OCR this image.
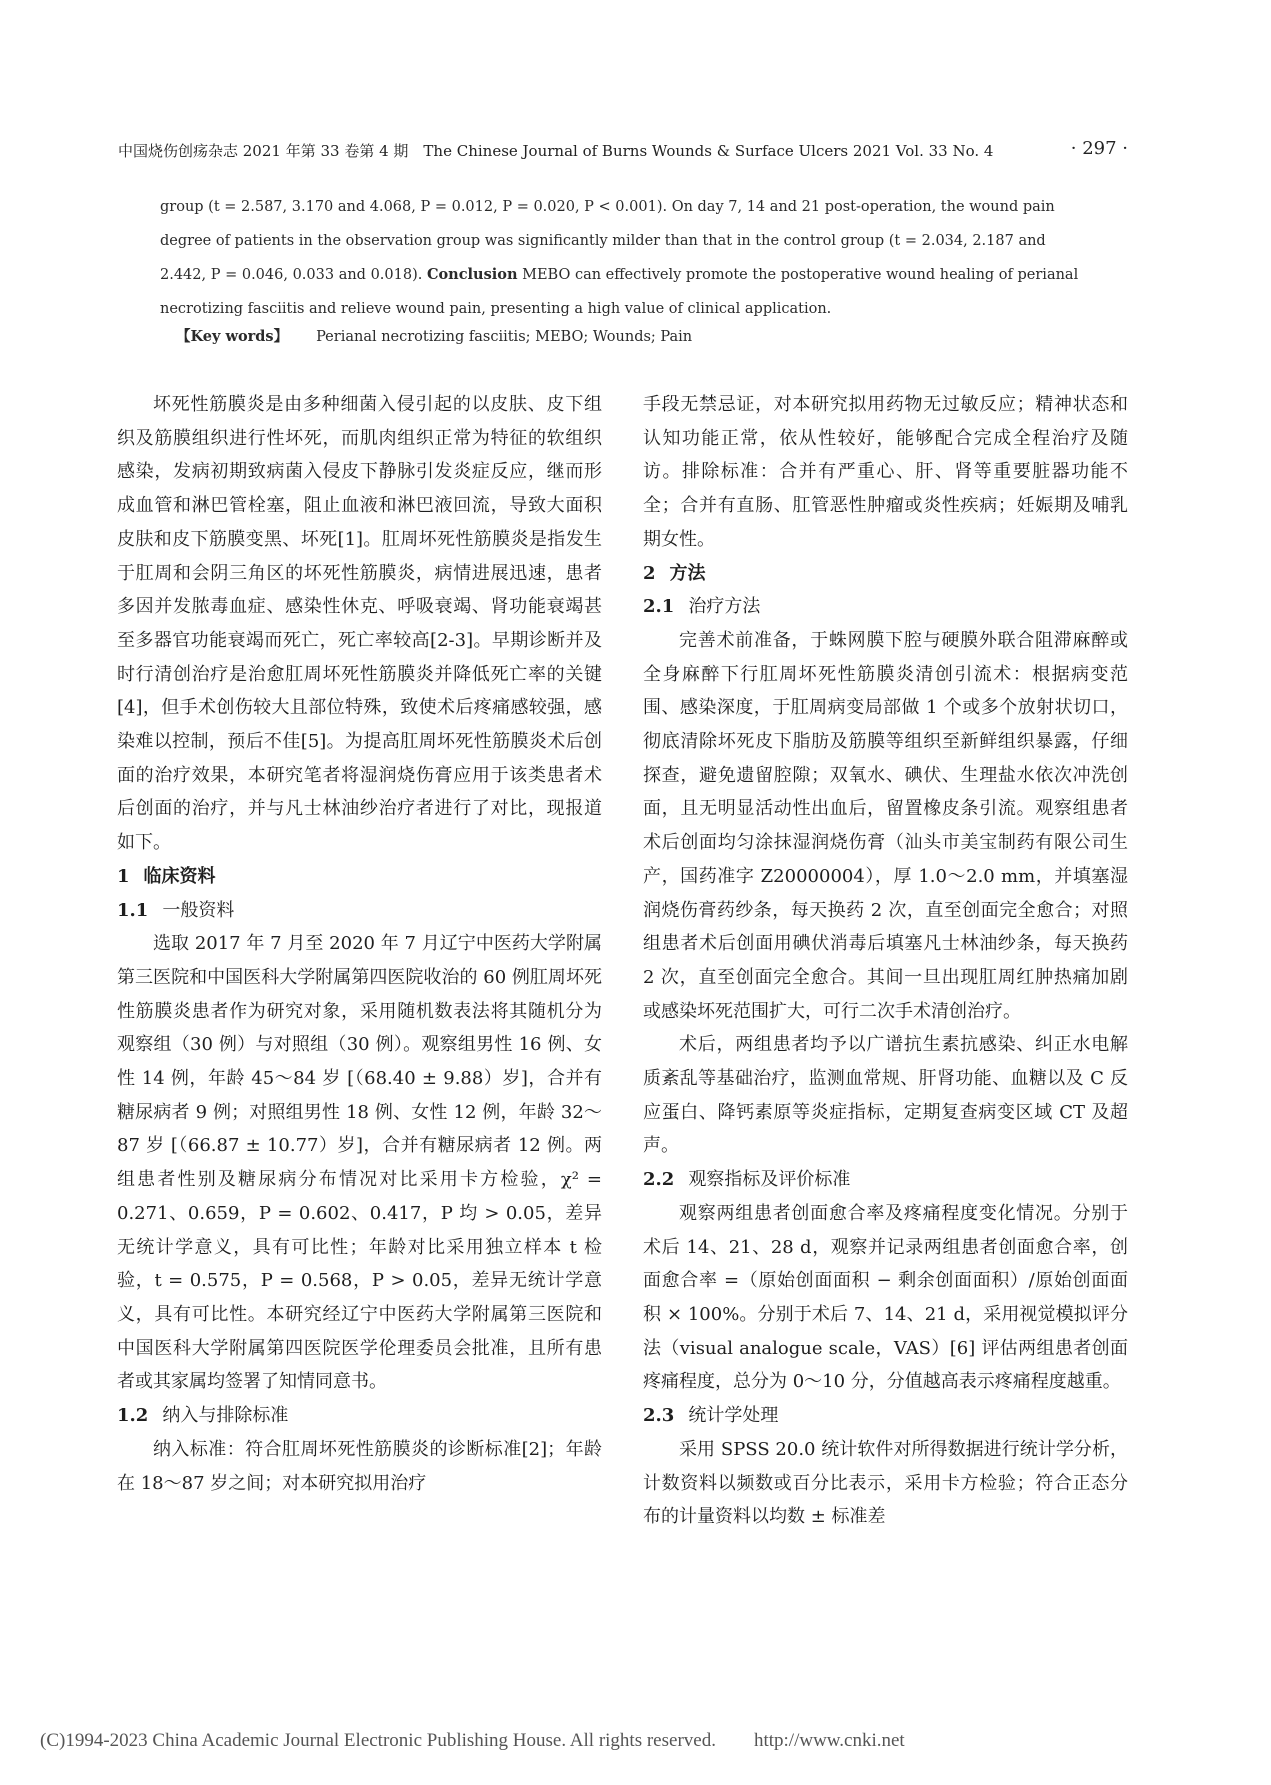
中国烧伤创疡杂志 2021 年第 33 卷第 4 期　The Chinese Journal of Burns Wounds & Surface Ulcers 2021 Vol. 33 No. 4	· 297 ·
group (t = 2.587, 3.170 and 4.068, P = 0.012, P = 0.020, P < 0.001). On day 7, 14 and 21 post-operation, the wound pain degree of patients in the observation group was significantly milder than that in the control group (t = 2.034, 2.187 and 2.442, P = 0.046, 0.033 and 0.018). Conclusion MEBO can effectively promote the postoperative wound healing of perianal necrotizing fasciitis and relieve wound pain, presenting a high value of clinical application.
【Key words】 Perianal necrotizing fasciitis; MEBO; Wounds; Pain

坏死性筋膜炎是由多种细菌入侵引起的以皮肤、皮下组织及筋膜组织进行性坏死，而肌肉组织正常为特征的软组织感染，发病初期致病菌入侵皮下静脉引发炎症反应，继而形成血管和淋巴管栓塞，阻止血液和淋巴液回流，导致大面积皮肤和皮下筋膜变黑、坏死[1]。肛周坏死性筋膜炎是指发生于肛周和会阴三角区的坏死性筋膜炎，病情进展迅速，患者多因并发脓毒血症、感染性休克、呼吸衰竭、肾功能衰竭甚至多器官功能衰竭而死亡，死亡率较高[2-3]。早期诊断并及时行清创治疗是治愈肛周坏死性筋膜炎并降低死亡率的关键[4]，但手术创伤较大且部位特殊，致使术后疼痛感较强，感染难以控制，预后不佳[5]。为提高肛周坏死性筋膜炎术后创面的治疗效果，本研究笔者将湿润烧伤膏应用于该类患者术后创面的治疗，并与凡士林油纱治疗者进行了对比，现报道如下。

1 临床资料
1.1 一般资料

选取 2017 年 7 月至 2020 年 7 月辽宁中医药大学附属第三医院和中国医科大学附属第四医院收治的 60 例肛周坏死性筋膜炎患者作为研究对象，采用随机数表法将其随机分为观察组（30 例）与对照组（30 例）。观察组男性 16 例、女性 14 例，年龄 45～84 岁 [（68.40 ± 9.88）岁]，合并有糖尿病者 9 例；对照组男性 18 例、女性 12 例，年龄 32～87 岁 [（66.87 ± 10.77）岁]，合并有糖尿病者 12 例。两组患者性别及糖尿病分布情况对比采用卡方检验，χ² = 0.271、0.659，P = 0.602、0.417，P 均 > 0.05，差异无统计学意义，具有可比性；年龄对比采用独立样本 t 检验，t = 0.575，P = 0.568，P > 0.05，差异无统计学意义，具有可比性。本研究经辽宁中医药大学附属第三医院和中国医科大学附属第四医院医学伦理委员会批准，且所有患者或其家属均签署了知情同意书。

1.2 纳入与排除标准

纳入标准：符合肛周坏死性筋膜炎的诊断标准[2]；年龄在 18～87 岁之间；对本研究拟用治疗

手段无禁忌证，对本研究拟用药物无过敏反应；精神状态和认知功能正常，依从性较好，能够配合完成全程治疗及随访。排除标准：合并有严重心、肝、肾等重要脏器功能不全；合并有直肠、肛管恶性肿瘤或炎性疾病；妊娠期及哺乳期女性。

2 方法
2.1 治疗方法

完善术前准备，于蛛网膜下腔与硬膜外联合阻滞麻醉或全身麻醉下行肛周坏死性筋膜炎清创引流术：根据病变范围、感染深度，于肛周病变局部做 1 个或多个放射状切口，彻底清除坏死皮下脂肪及筋膜等组织至新鲜组织暴露，仔细探查，避免遗留腔隙；双氧水、碘伏、生理盐水依次冲洗创面，且无明显活动性出血后，留置橡皮条引流。观察组患者术后创面均匀涂抹湿润烧伤膏（汕头市美宝制药有限公司生产，国药准字 Z20000004），厚 1.0～2.0 mm，并填塞湿润烧伤膏药纱条，每天换药 2 次，直至创面完全愈合；对照组患者术后创面用碘伏消毒后填塞凡士林油纱条，每天换药 2 次，直至创面完全愈合。其间一旦出现肛周红肿热痛加剧或感染坏死范围扩大，可行二次手术清创治疗。

术后，两组患者均予以广谱抗生素抗感染、纠正水电解质紊乱等基础治疗，监测血常规、肝肾功能、血糖以及 C 反应蛋白、降钙素原等炎症指标，定期复查病变区域 CT 及超声。

2.2 观察指标及评价标准

观察两组患者创面愈合率及疼痛程度变化情况。分别于术后 14、21、28 d，观察并记录两组患者创面愈合率，创面愈合率 =（原始创面面积 − 剩余创面面积）/原始创面面积 × 100%。分别于术后 7、14、21 d，采用视觉模拟评分法（visual analogue scale，VAS）[6] 评估两组患者创面疼痛程度，总分为 0～10 分，分值越高表示疼痛程度越重。

2.3 统计学处理

采用 SPSS 20.0 统计软件对所得数据进行统计学分析，计数资料以频数或百分比表示，采用卡方检验；符合正态分布的计量资料以均数 ± 标准差

(C)1994-2023 China Academic Journal Electronic Publishing House. All rights reserved.　　http://www.cnki.net
